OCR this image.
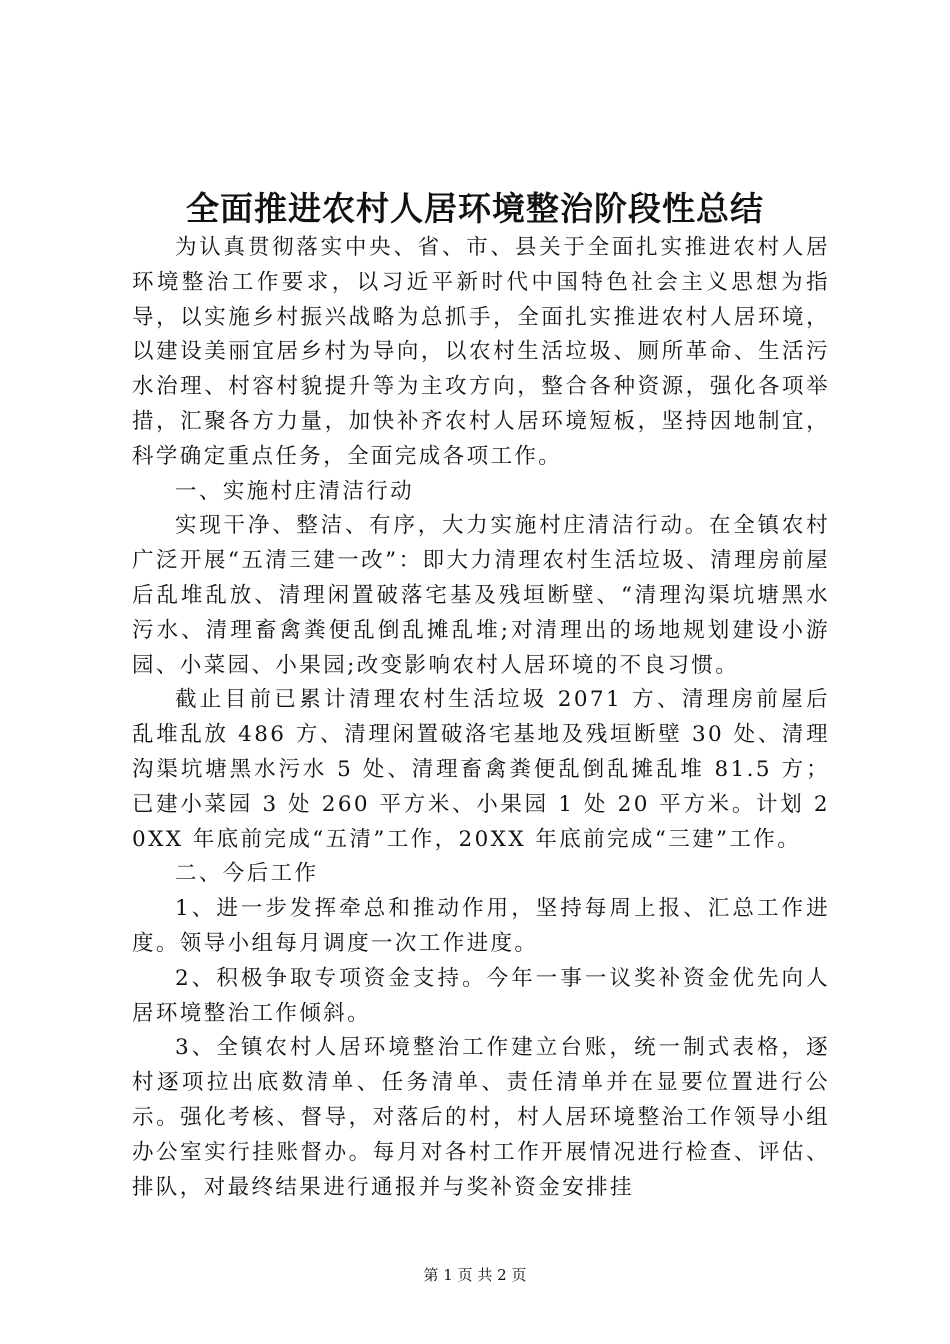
全面推进农村人居环境整治阶段性总结

为认真贯彻落实中央、省、市、县关于全面扎实推进农村人居环境整治工作要求，以习近平新时代中国特色社会主义思想为指导，以实施乡村振兴战略为总抓手，全面扎实推进农村人居环境，以建设美丽宜居乡村为导向，以农村生活垃圾、厕所革命、生活污水治理、村容村貌提升等为主攻方向，整合各种资源，强化各项举措，汇聚各方力量，加快补齐农村人居环境短板，坚持因地制宜，科学确定重点任务，全面完成各项工作。

一、实施村庄清洁行动

实现干净、整洁、有序，大力实施村庄清洁行动。在全镇农村广泛开展“五清三建一改”：即大力清理农村生活垃圾、清理房前屋后乱堆乱放、清理闲置破落宅基及残垣断壁、“清理沟渠坑塘黑水污水、清理畜禽粪便乱倒乱摊乱堆;对清理出的场地规划建设小游园、小菜园、小果园;改变影响农村人居环境的不良习惯。

截止目前已累计清理农村生活垃圾 2071 方、清理房前屋后乱堆乱放 486 方、清理闲置破洛宅基地及残垣断壁 30 处、清理沟渠坑塘黑水污水 5 处、清理畜禽粪便乱倒乱摊乱堆 81.5 方；已建小菜园 3 处 260 平方米、小果园 1 处 20 平方米。计划 20XX 年底前完成“五清”工作，20XX 年底前完成“三建”工作。

二、今后工作

1、进一步发挥牵总和推动作用，坚持每周上报、汇总工作进度。领导小组每月调度一次工作进度。

2、积极争取专项资金支持。今年一事一议奖补资金优先向人居环境整治工作倾斜。

3、全镇农村人居环境整治工作建立台账，统一制式表格，逐村逐项拉出底数清单、任务清单、责任清单并在显要位置进行公示。强化考核、督导，对落后的村，村人居环境整治工作领导小组办公室实行挂账督办。每月对各村工作开展情况进行检查、评估、排队，对最终结果进行通报并与奖补资金安排挂

第 1 页 共 2 页
